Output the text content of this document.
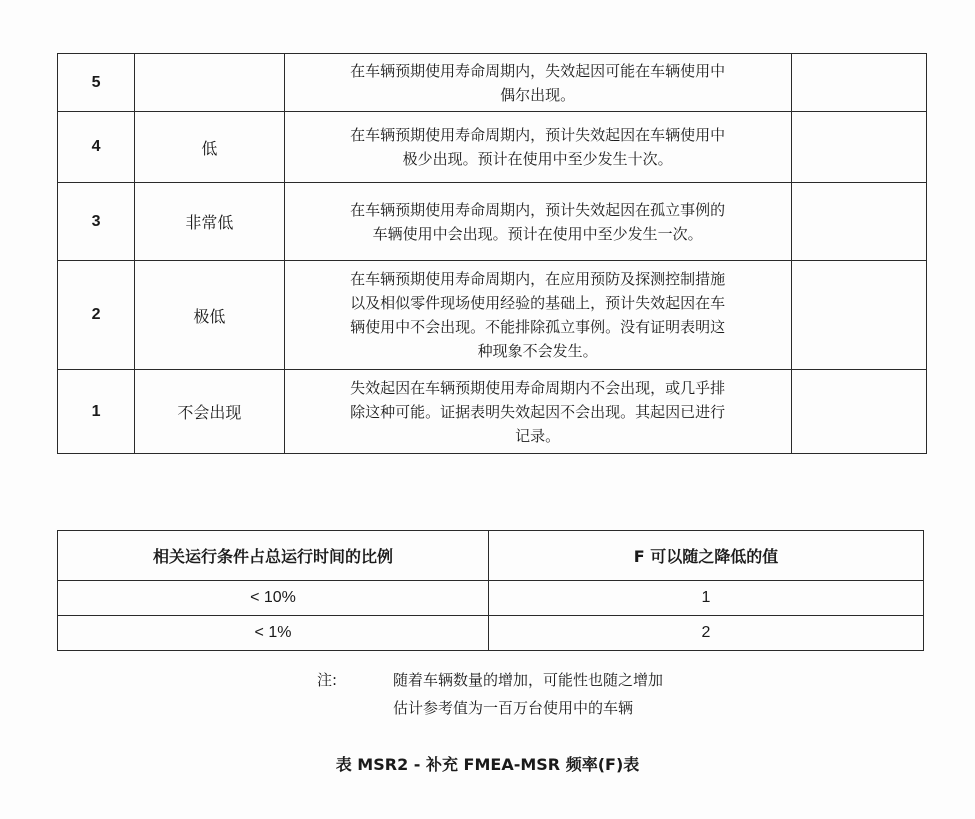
5		在车辆预期使用寿命周期内，失效起因可能在车辆使用中
偶尔出现。	

4	低	在车辆预期使用寿命周期内，预计失效起因在车辆使用中
极少出现。预计在使用中至少发生十次。	

3	非常低	在车辆预期使用寿命周期内，预计失效起因在孤立事例的
车辆使用中会出现。预计在使用中至少发生一次。	

2	极低	在车辆预期使用寿命周期内，在应用预防及探测控制措施
以及相似零件现场使用经验的基础上，预计失效起因在车
辆使用中不会出现。不能排除孤立事例。没有证明表明这
种现象不会发生。	

1	不会出现	失效起因在车辆预期使用寿命周期内不会出现，或几乎排
除这种可能。证据表明失效起因不会出现。其起因已进行
记录。	

相关运行条件占总运行时间的比例	F 可以随之降低的值
< 10%	1
< 1%	2
注:	随着车辆数量的增加，可能性也随之增加
估计参考值为一百万台使用中的车辆
表 MSR2 - 补充 FMEA-MSR 频率(F)表
